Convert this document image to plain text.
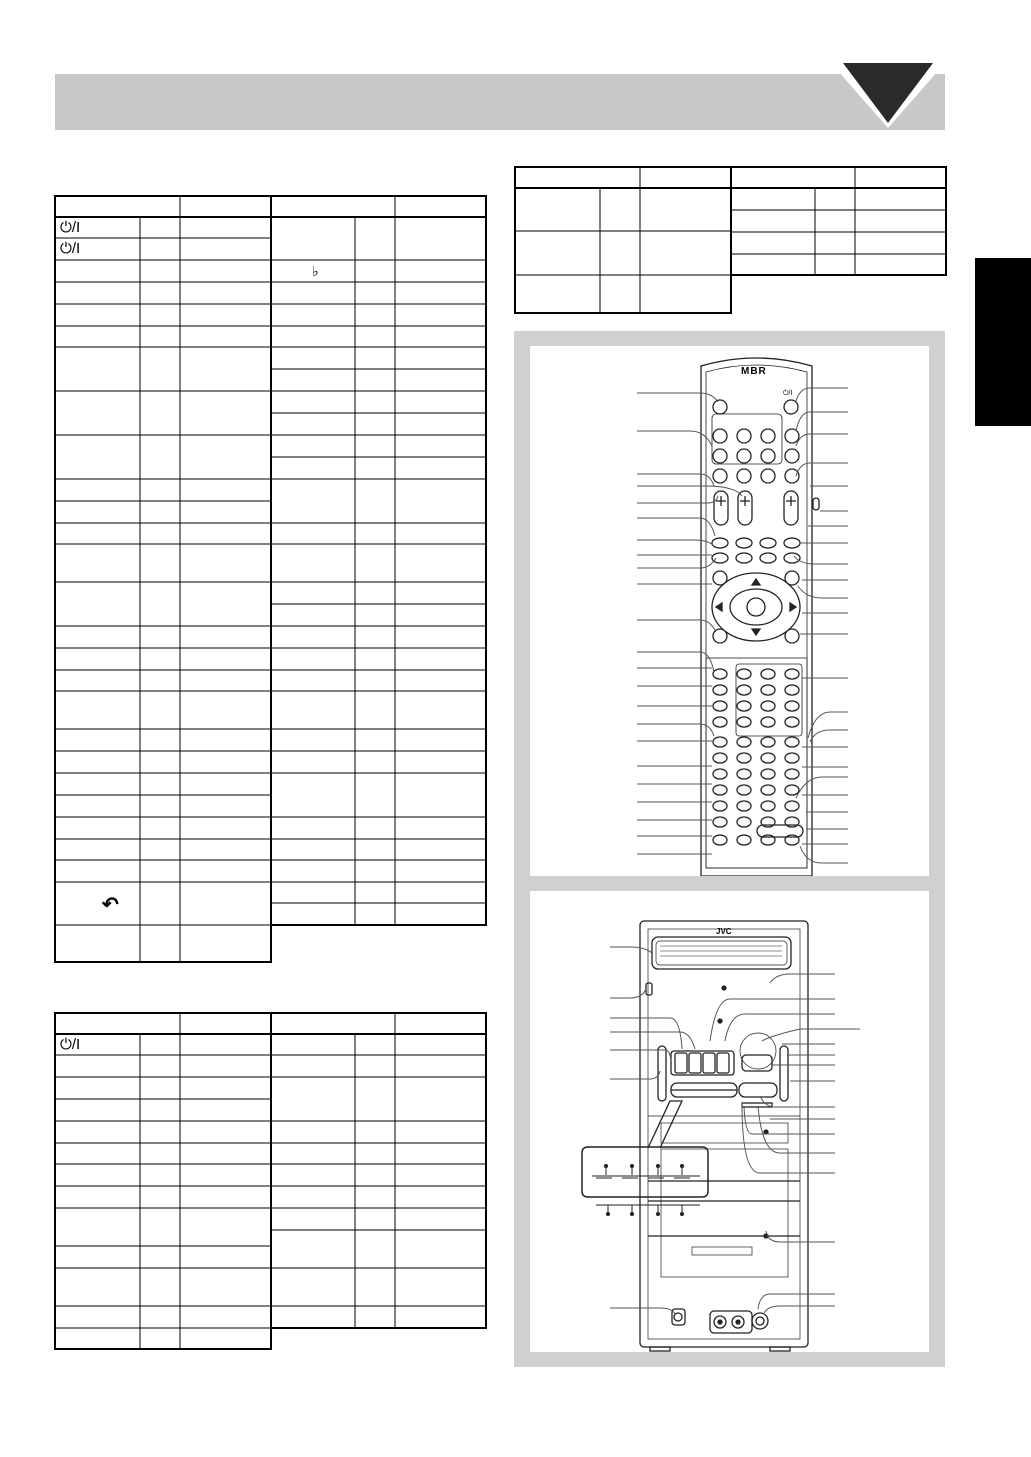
⏻/I
⏻/I
♭
↶
⏻/I
MBR
⏻/I
JVC
